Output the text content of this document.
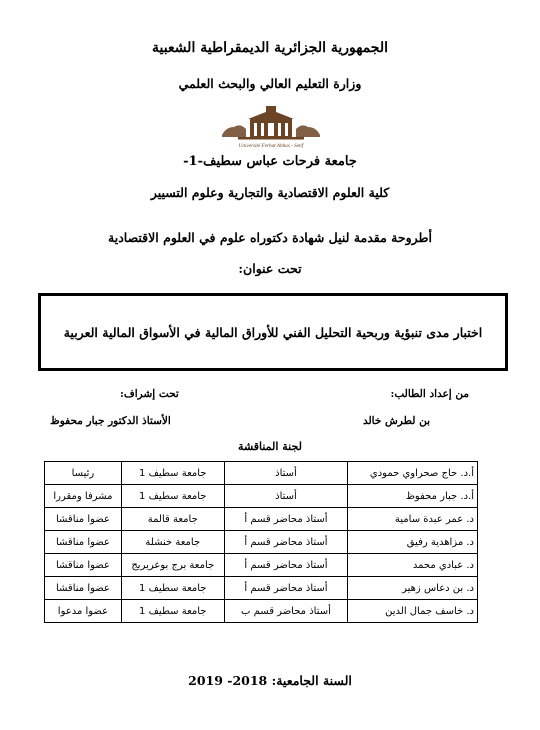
الجمهورية الجزائرية الديمقراطية الشعبية
وزارة التعليم العالي والبحث العلمي
Université Ferhat Abbas - Setif
جامعة فرحات عباس سطيف-1-
كلية العلوم الاقتصادية والتجارية وعلوم التسيير
أطروحة مقدمة لنيل شهادة دكتوراه علوم في العلوم الاقتصادية
تحت عنوان:
اختبار مدى تنبؤية وربحية التحليل الفني للأوراق المالية في الأسواق المالية العربية
من إعداد الطالب:
تحت إشراف:
بن لطرش خالد
الأستاذ الدكتور جبار محفوظ
لجنة المناقشة
أ.د. حاج صحراوي حمودي	أستاذ	جامعة سطيف 1	رئيسا
أ.د. جبار محفوظ	أستاذ	جامعة سطيف 1	مشرفا ومقررا
د. عمر عبدة سامية	أستاذ محاضر قسم أ	جامعة قالمة	عضوا مناقشا
د. مزاهدية رفيق	أستاذ محاضر قسم أ	جامعة خنشلة	عضوا مناقشا
د. عبادي محمد	أستاذ محاضر قسم أ	جامعة برج بوعريريج	عضوا مناقشا
د. بن دعاس زهير	أستاذ محاضر قسم أ	جامعة سطيف 1	عضوا مناقشا
د. خاسف جمال الدين	أستاذ محاضر قسم ب	جامعة سطيف 1	عضوا مدعوا
السنة الجامعية: 2018- 2019
